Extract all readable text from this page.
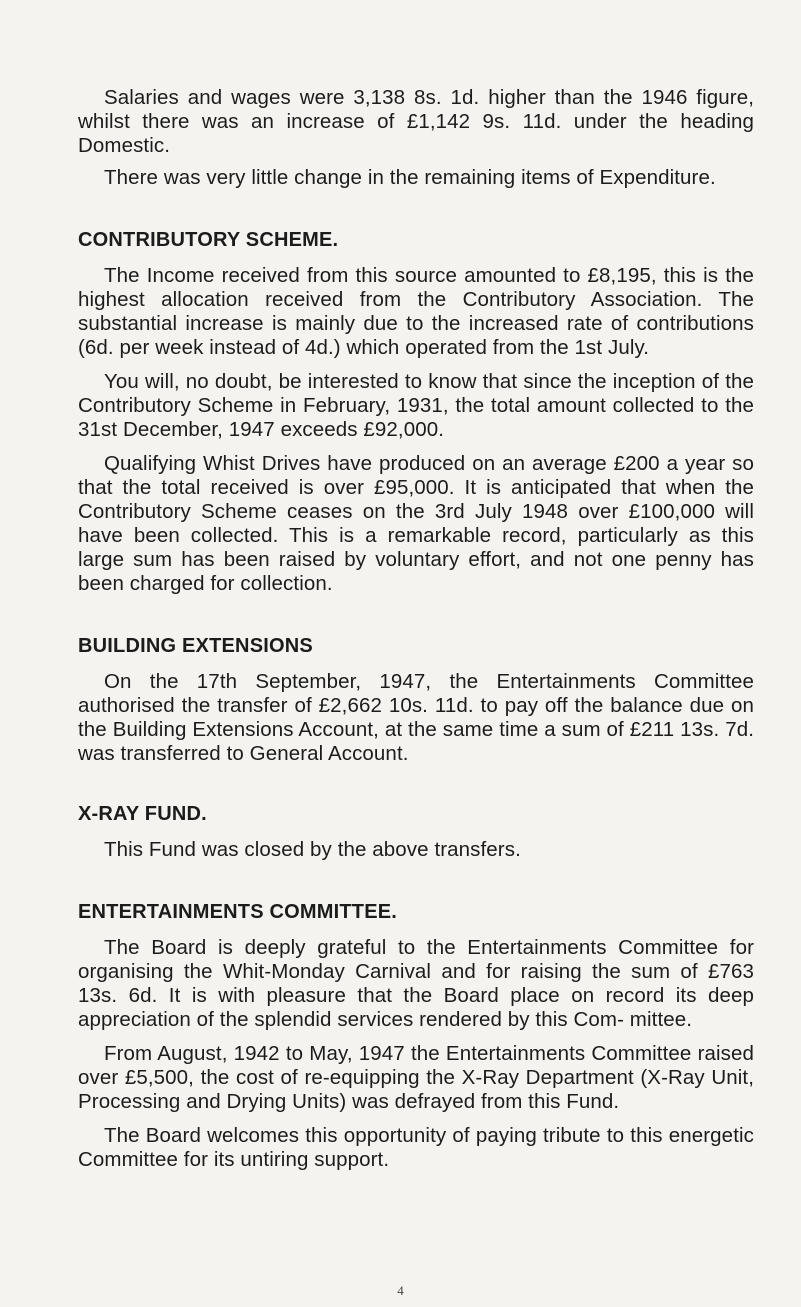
Salaries and wages were 3,138 8s. 1d. higher than the 1946 figure, whilst there was an increase of £1,142 9s. 11d. under the heading Domestic.

There was very little change in the remaining items of Expenditure.

CONTRIBUTORY SCHEME.

The Income received from this source amounted to £8,195, this is the highest allocation received from the Contributory Association. The substantial increase is mainly due to the increased rate of contributions (6d. per week instead of 4d.) which operated from the 1st July.

You will, no doubt, be interested to know that since the inception of the Contributory Scheme in February, 1931, the total amount collected to the 31st December, 1947 exceeds £92,000.

Qualifying Whist Drives have produced on an average £200 a year so that the total received is over £95,000. It is anticipated that when the Contributory Scheme ceases on the 3rd July 1948 over £100,000 will have been collected. This is a remarkable record, particularly as this large sum has been raised by voluntary effort, and not one penny has been charged for collection.

BUILDING EXTENSIONS

On the 17th September, 1947, the Entertainments Committee authorised the transfer of £2,662 10s. 11d. to pay off the balance due on the Building Extensions Account, at the same time a sum of £211 13s. 7d. was transferred to General Account.

X-RAY FUND.

This Fund was closed by the above transfers.

ENTERTAINMENTS COMMITTEE.

The Board is deeply grateful to the Entertainments Committee for organising the Whit-Monday Carnival and for raising the sum of £763 13s. 6d. It is with pleasure that the Board place on record its deep appreciation of the splendid services rendered by this Com- mittee.

From August, 1942 to May, 1947 the Entertainments Committee raised over £5,500, the cost of re-equipping the X-Ray Department (X-Ray Unit, Processing and Drying Units) was defrayed from this Fund.

The Board welcomes this opportunity of paying tribute to this energetic Committee for its untiring support.

4
